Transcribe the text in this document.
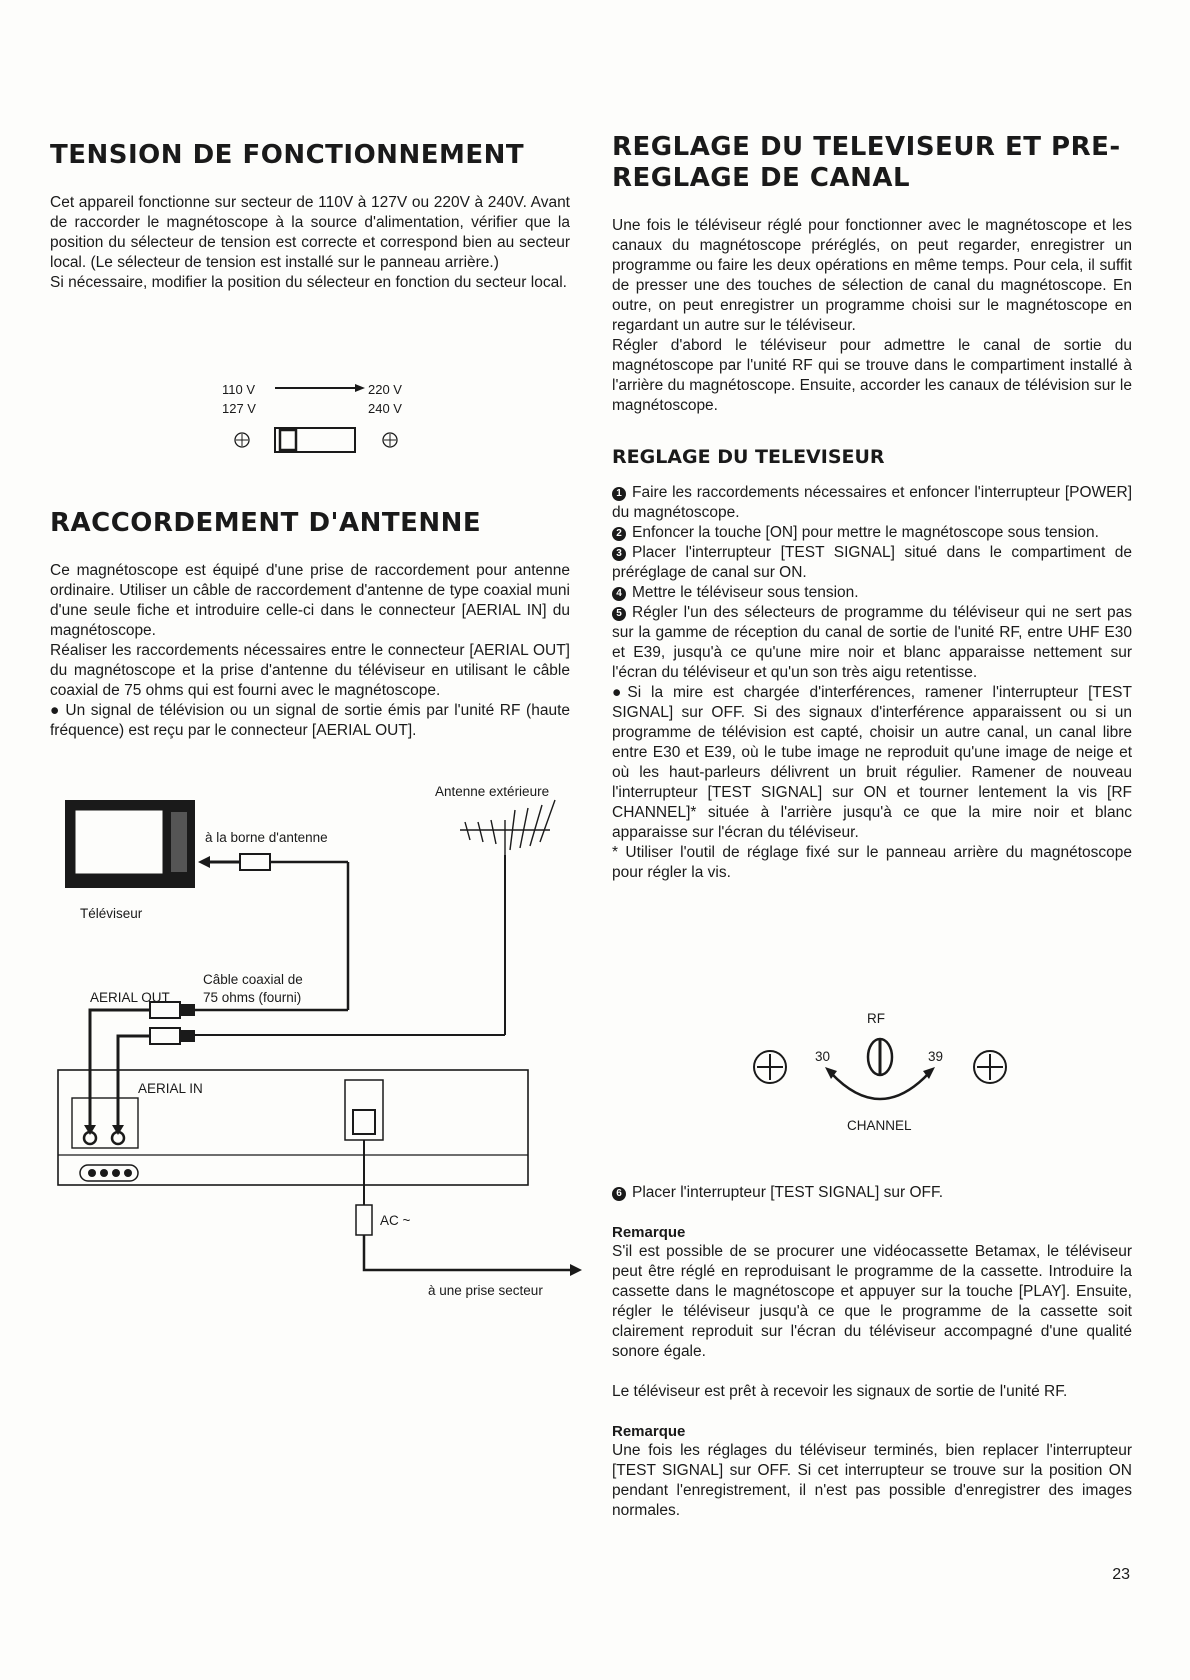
TENSION DE FONCTIONNEMENT

Cet appareil fonctionne sur secteur de 110V à 127V ou 220V à 240V. Avant de raccorder le magnétoscope à la source d'alimentation, vérifier que la position du sélecteur de tension est correcte et correspond bien au secteur local. (Le sélecteur de tension est installé sur le panneau arrière.)

Si nécessaire, modifier la position du sélecteur en fonction du secteur local.

110 V
127 V
220 V
240 V
RACCORDEMENT D'ANTENNE

Ce magnétoscope est équipé d'une prise de raccordement pour antenne ordinaire. Utiliser un câble de raccordement d'antenne de type coaxial muni d'une seule fiche et introduire celle-ci dans le connecteur [AERIAL IN] du magnétoscope.

Réaliser les raccordements nécessaires entre le connecteur [AERIAL OUT] du magnétoscope et la prise d'antenne du téléviseur en utilisant le câble coaxial de 75 ohms qui est fourni avec le magnétoscope.

● Un signal de télévision ou un signal de sortie émis par l'unité RF (haute fréquence) est reçu par le connecteur [AERIAL OUT].

Téléviseur
à la borne d'antenne
Antenne extérieure
Câble coaxial de
75 ohms (fourni)
AERIAL OUT
AERIAL IN
AC ~
à une prise secteur
REGLAGE DU TELEVISEUR ET PRE-
REGLAGE DE CANAL

Une fois le téléviseur réglé pour fonctionner avec le magnétoscope et les canaux du magnétoscope préréglés, on peut regarder, enregistrer un programme ou faire les deux opérations en même temps. Pour cela, il suffit de presser une des touches de sélection de canal du magnétoscope. En outre, on peut enregistrer un programme choisi sur le magnétoscope en regardant un autre sur le téléviseur.

Régler d'abord le téléviseur pour admettre le canal de sortie du magnétoscope par l'unité RF qui se trouve dans le compartiment installé à l'arrière du magnétoscope. Ensuite, accorder les canaux de télévision sur le magnétoscope.

REGLAGE DU TELEVISEUR

1 Faire les raccordements nécessaires et enfoncer l'interrupteur [POWER] du magnétoscope.

2 Enfoncer la touche [ON] pour mettre le magnétoscope sous tension.

3 Placer l'interrupteur [TEST SIGNAL] situé dans le compartiment de préréglage de canal sur ON.

4 Mettre le téléviseur sous tension.

5 Régler l'un des sélecteurs de programme du téléviseur qui ne sert pas sur la gamme de réception du canal de sortie de l'unité RF, entre UHF E30 et E39, jusqu'à ce qu'une mire noir et blanc apparaisse nettement sur l'écran du téléviseur et qu'un son très aigu retentisse.

● Si la mire est chargée d'interférences, ramener l'interrupteur [TEST SIGNAL] sur OFF. Si des signaux d'interférence apparaissent ou si un programme de télévision est capté, choisir un autre canal, un canal libre entre E30 et E39, où le tube image ne reproduit qu'une image de neige et où les haut-parleurs délivrent un bruit régulier. Ramener de nouveau l'interrupteur [TEST SIGNAL] sur ON et tourner lentement la vis [RF CHANNEL]* située à l'arrière jusqu'à ce que la mire noir et blanc apparaisse sur l'écran du téléviseur.

* Utiliser l'outil de réglage fixé sur le panneau arrière du magnétoscope pour régler la vis.

RF
30	39
CHANNEL

6 Placer l'interrupteur [TEST SIGNAL] sur OFF.

Remarque

S'il est possible de se procurer une vidéocassette Betamax, le téléviseur peut être réglé en reproduisant le programme de la cassette. Introduire la cassette dans le magnétoscope et appuyer sur la touche [PLAY]. Ensuite, régler le téléviseur jusqu'à ce que le programme de la cassette soit clairement reproduit sur l'écran du téléviseur accompagné d'une qualité sonore égale.

Le téléviseur est prêt à recevoir les signaux de sortie de l'unité RF.

Remarque

Une fois les réglages du téléviseur terminés, bien replacer l'interrupteur [TEST SIGNAL] sur OFF. Si cet interrupteur se trouve sur la position ON pendant l'enregistrement, il n'est pas possible d'enregistrer des images normales.

23
